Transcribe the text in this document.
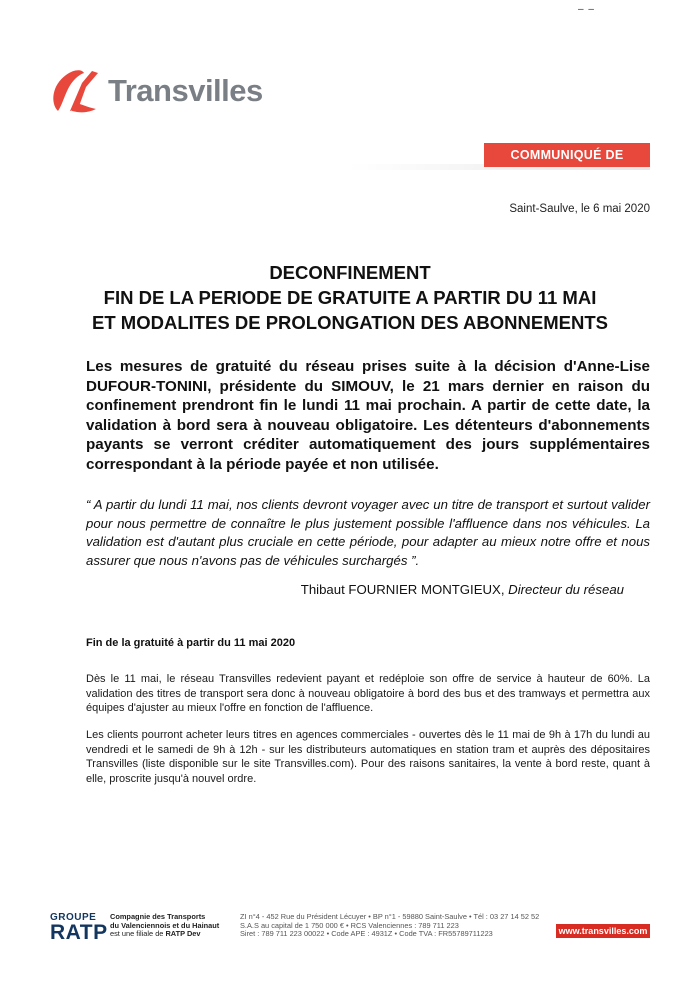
– –
Transvilles
COMMUNIQUÉ DE PRESSE
Saint-Saulve, le 6 mai 2020
DECONFINEMENT
FIN DE LA PERIODE DE GRATUITE A PARTIR DU 11 MAI
ET MODALITES DE PROLONGATION DES ABONNEMENTS
Les mesures de gratuité du réseau prises suite à la décision d'Anne-Lise DUFOUR-TONINI, présidente du SIMOUV, le 21 mars dernier en raison du confinement prendront fin le lundi 11 mai prochain. A partir de cette date, la validation à bord sera à nouveau obligatoire. Les détenteurs d'abonnements payants se verront créditer automatiquement des jours supplémentaires correspondant à la période payée et non utilisée.
“ A partir du lundi 11 mai, nos clients devront voyager avec un titre de transport et surtout valider pour nous permettre de connaître le plus justement possible l'affluence dans nos véhicules. La validation est d'autant plus cruciale en cette période, pour adapter au mieux notre offre et nous assurer que nous n'avons pas de véhicules surchargés ”.
Thibaut FOURNIER MONTGIEUX, Directeur du réseau
Fin de la gratuité à partir du 11 mai 2020
Dès le 11 mai, le réseau Transvilles redevient payant et redéploie son offre de service à hauteur de 60%. La validation des titres de transport sera donc à nouveau obligatoire à bord des bus et des tramways et permettra aux équipes d'ajuster au mieux l'offre en fonction de l'affluence.
Les clients pourront acheter leurs titres en agences commerciales - ouvertes dès le 11 mai de 9h à 17h du lundi au vendredi et le samedi de 9h à 12h - sur les distributeurs automatiques en station tram et auprès des dépositaires Transvilles (liste disponible sur le site Transvilles.com). Pour des raisons sanitaires, la vente à bord reste, quant à elle, proscrite jusqu'à nouvel ordre.
GROUPE
RATP
Compagnie des Transports
du Valenciennois et du Hainaut
est une filiale de RATP Dev
ZI n°4 - 452 Rue du Président Lécuyer • BP n°1 - 59880 Saint-Saulve • Tél : 03 27 14 52 52
S.A.S au capital de 1 750 000 € • RCS Valenciennes : 789 711 223
Siret : 789 711 223 00022 • Code APE : 4931Z • Code TVA : FR55789711223	www.transvilles.com
